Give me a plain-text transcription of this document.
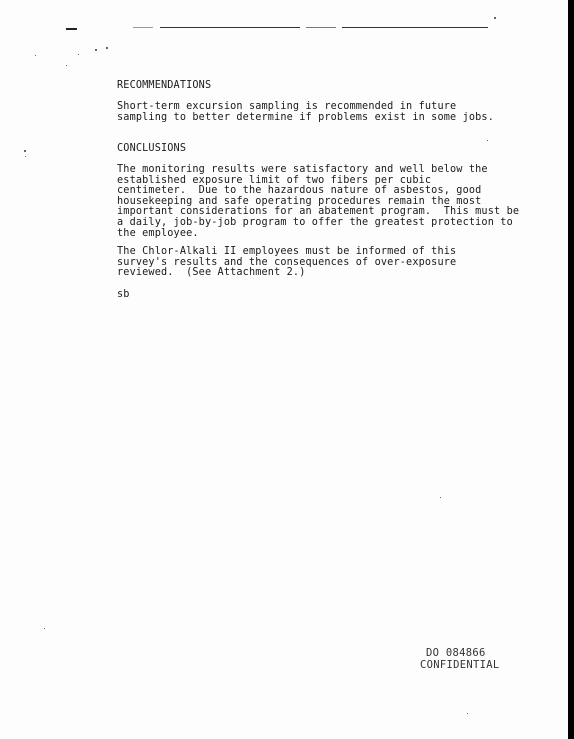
RECOMMENDATIONS
Short-term excursion sampling is recommended in future
sampling to better determine if problems exist in some jobs.
CONCLUSIONS
The monitoring results were satisfactory and well below the
established exposure limit of two fibers per cubic
centimeter.  Due to the hazardous nature of asbestos, good
housekeeping and safe operating procedures remain the most
important considerations for an abatement program.  This must be
a daily, job-by-job program to offer the greatest protection to
the employee.
The Chlor-Alkali II employees must be informed of this
survey's results and the consequences of over-exposure
reviewed.  (See Attachment 2.)
sb
DO 084866
CONFIDENTIAL
